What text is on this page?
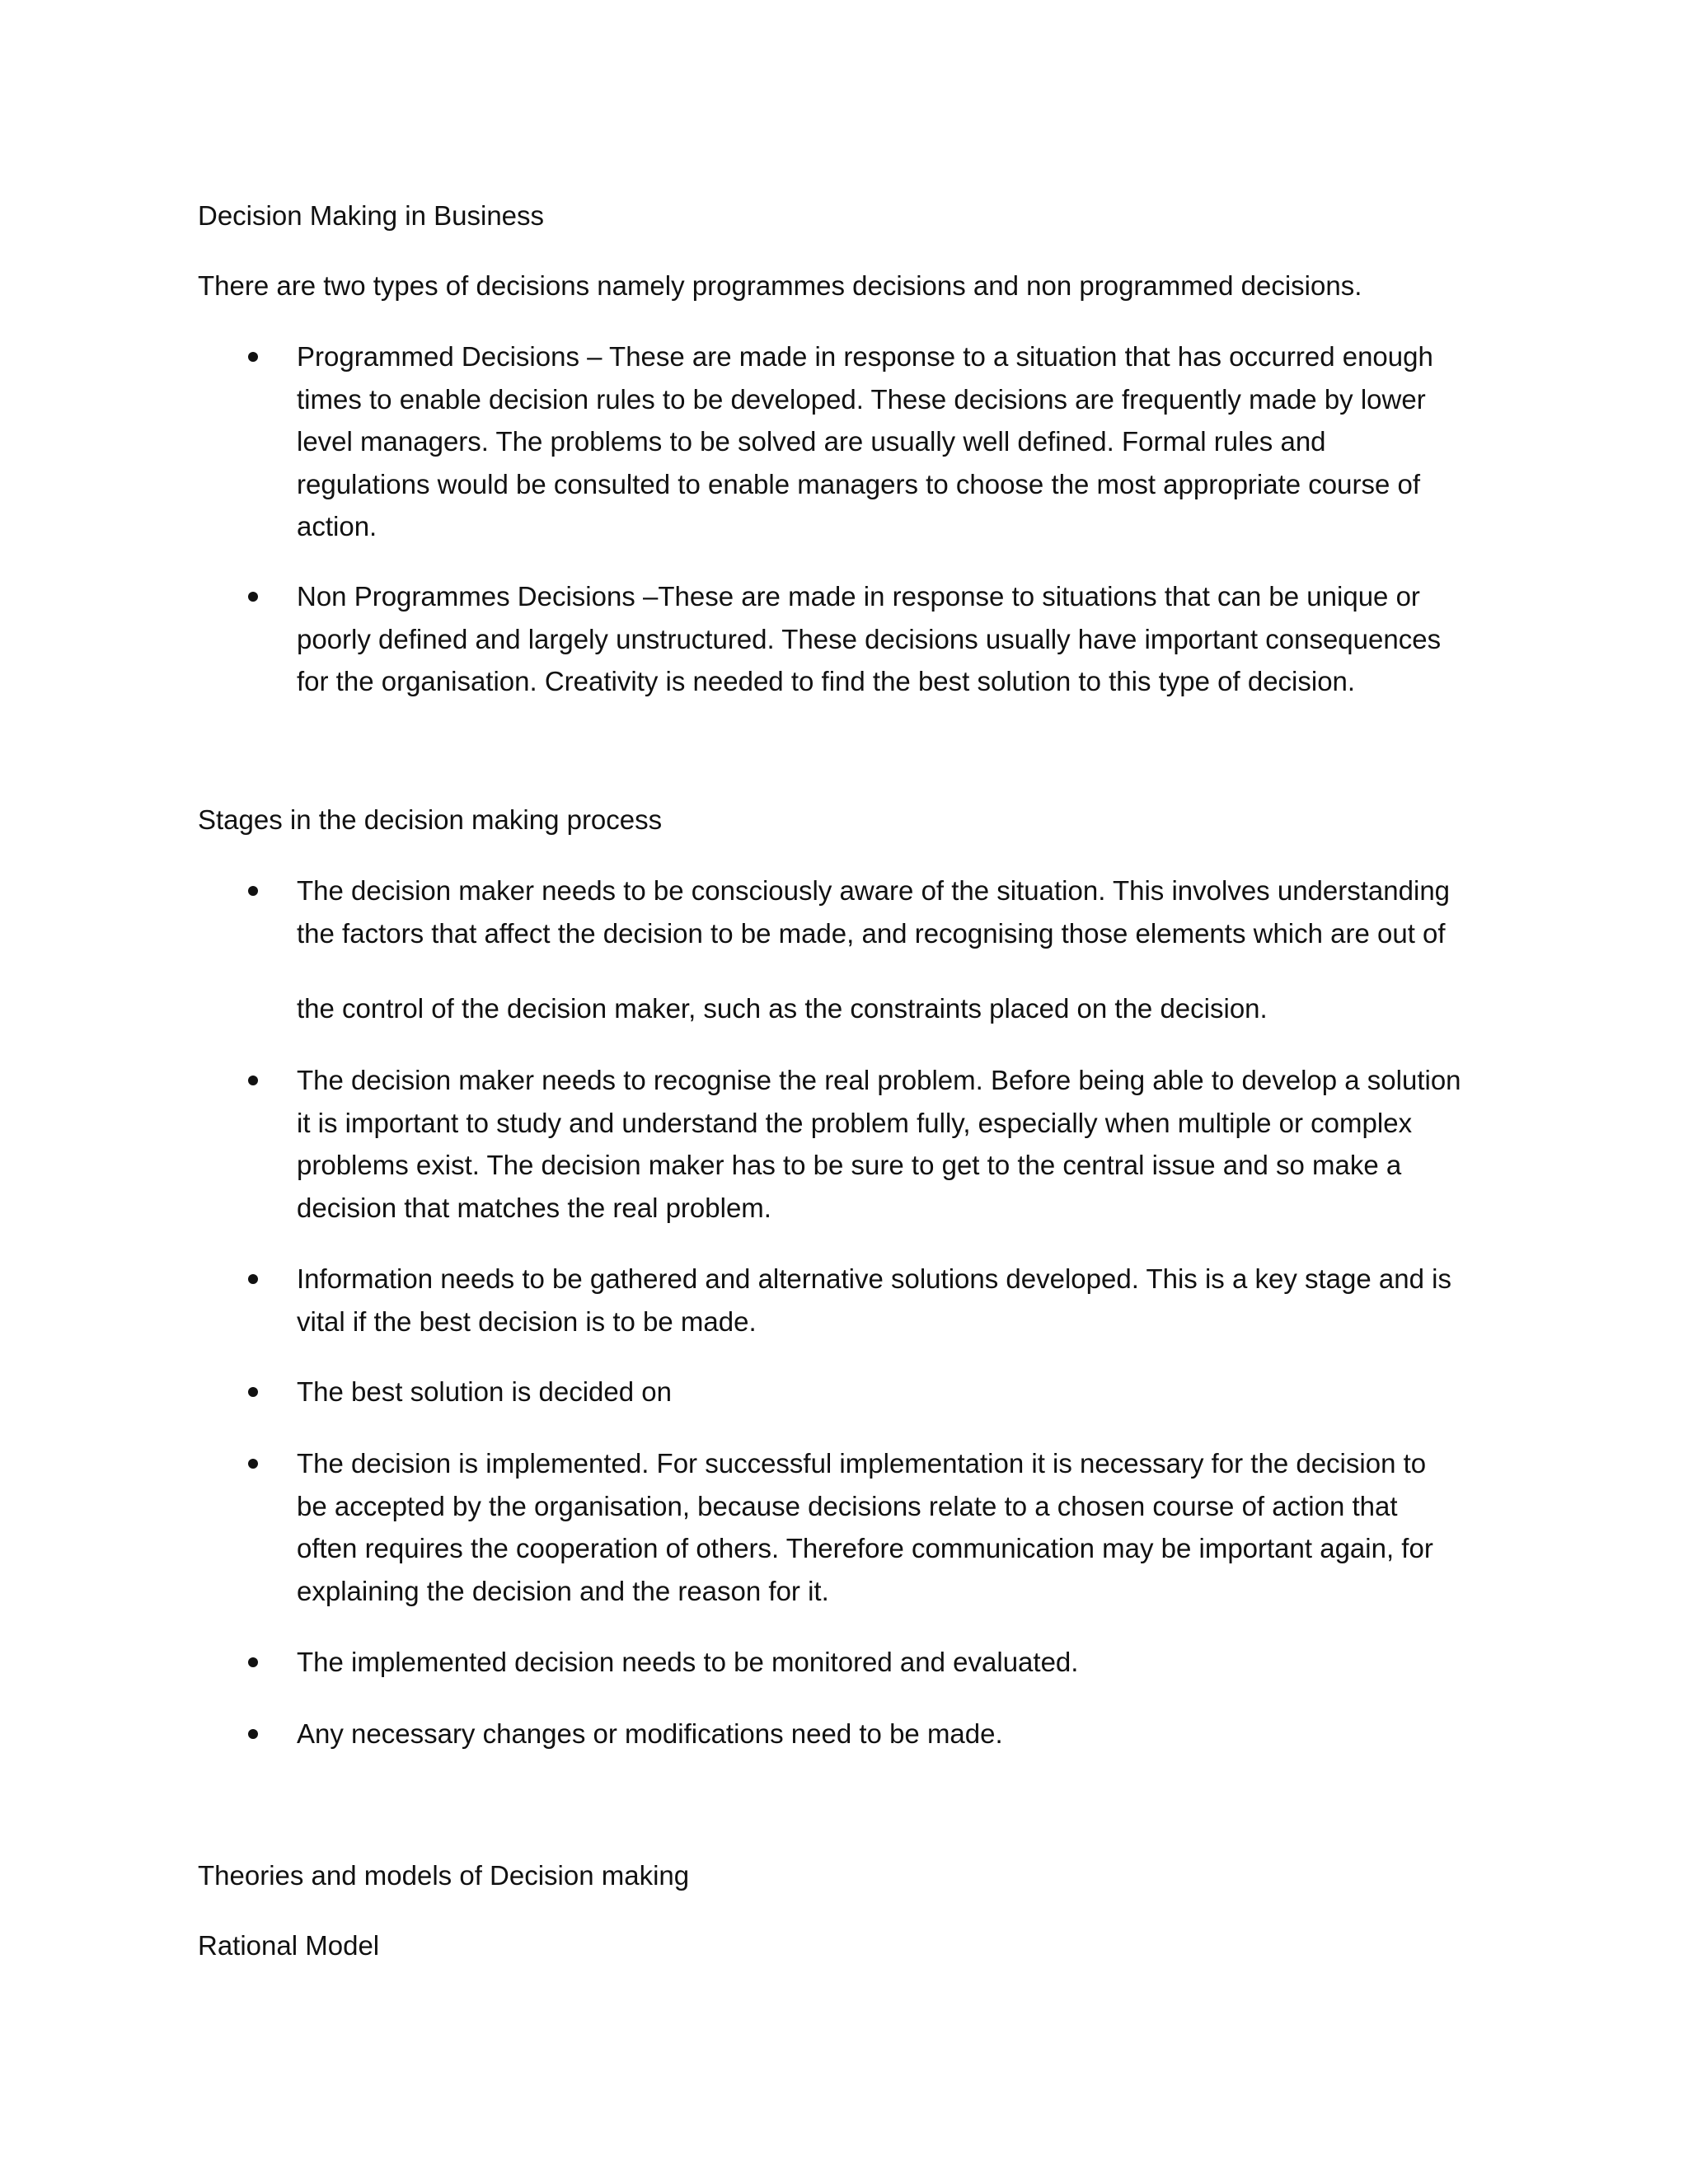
Decision Making in Business

There are two types of decisions namely programmes decisions and non programmed decisions.

Programmed Decisions – These are made in response to a situation that has occurred enough
times to enable decision rules to be developed. These decisions are frequently made by lower
level managers. The problems to be solved are usually well defined. Formal rules and
regulations would be consulted to enable managers to choose the most appropriate course of
action.
Non Programmes Decisions –These are made in response to situations that can be unique or
poorly defined and largely unstructured. These decisions usually have important consequences
for the organisation. Creativity is needed to find the best solution to this type of decision.

Stages in the decision making process

The decision maker needs to be consciously aware of the situation. This involves understanding
the factors that affect the decision to be made, and recognising those elements which are out of

the control of the decision maker, such as the constraints placed on the decision.

The decision maker needs to recognise the real problem. Before being able to develop a solution
it is important to study and understand the problem fully, especially when multiple or complex
problems exist. The decision maker has to be sure to get to the central issue and so make a
decision that matches the real problem.
Information needs to be gathered and alternative solutions developed. This is a key stage and is
vital if the best decision is to be made.
The best solution is decided on
The decision is implemented. For successful implementation it is necessary for the decision to
be accepted by the organisation, because decisions relate to a chosen course of action that
often requires the cooperation of others. Therefore communication may be important again, for
explaining the decision and the reason for it.
The implemented decision needs to be monitored and evaluated.
Any necessary changes or modifications need to be made.

Theories and models of Decision making

Rational Model
